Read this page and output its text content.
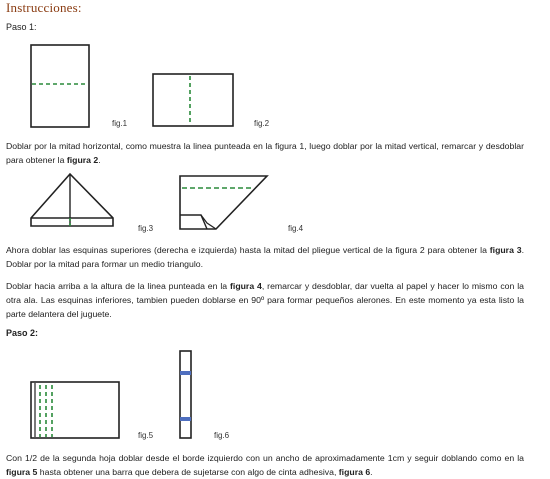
Instrucciones:
Paso 1:
fig.1	fig.2
Doblar por la mitad horizontal, como muestra la linea punteada en la figura 1, luego doblar por la mitad vertical, remarcar y desdoblar para obtener la figura 2.
fig.3	fig.4
Ahora doblar las esquinas superiores (derecha e izquierda) hasta la mitad del pliegue vertical de la figura 2 para obtener la figura 3. Doblar por la mitad para formar un medio triangulo.
Doblar hacia arriba a la altura de la linea punteada en la figura 4, remarcar y desdoblar, dar vuelta al papel y hacer lo mismo con la otra ala. Las esquinas inferiores, tambien pueden doblarse en 90º para formar pequeños alerones. En este momento ya esta listo la parte delantera del juguete.
Paso 2:
fig.5	fig.6
Con 1/2 de la segunda hoja doblar desde el borde izquierdo con un ancho de aproximadamente 1cm y seguir doblando como en la figura 5 hasta obtener una barra que debera de sujetarse con algo de cinta adhesiva, figura 6.
